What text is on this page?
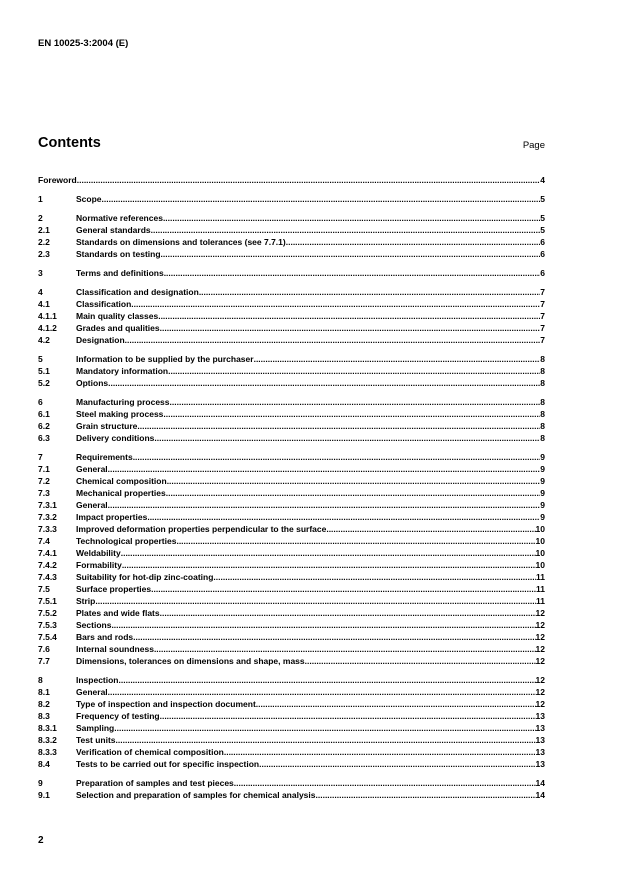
EN 10025-3:2004 (E)
Contents	Page
Foreword .....	4
1	Scope .....	5
2	Normative references .....	5
2.1	General standards .....	5
2.2	Standards on dimensions and tolerances (see 7.7.1) .....	6
2.3	Standards on testing .....	6
3	Terms and definitions .....	6
4	Classification and designation .....	7
4.1	Classification .....	7
4.1.1	Main quality classes .....	7
4.1.2	Grades and qualities .....	7
4.2	Designation .....	7
5	Information to be supplied by the purchaser .....	8
5.1	Mandatory information .....	8
5.2	Options .....	8
6	Manufacturing process .....	8
6.1	Steel making process .....	8
6.2	Grain structure .....	8
6.3	Delivery conditions .....	8
7	Requirements .....	9
7.1	General .....	9
7.2	Chemical composition .....	9
7.3	Mechanical properties .....	9
7.3.1	General .....	9
7.3.2	Impact properties .....	9
7.3.3	Improved deformation properties perpendicular to the surface .....	10
7.4	Technological properties .....	10
7.4.1	Weldability .....	10
7.4.2	Formability .....	10
7.4.3	Suitability for hot-dip zinc-coating .....	11
7.5	Surface properties .....	11
7.5.1	Strip .....	11
7.5.2	Plates and wide flats .....	12
7.5.3	Sections .....	12
7.5.4	Bars and rods .....	12
7.6	Internal soundness .....	12
7.7	Dimensions, tolerances on dimensions and shape, mass .....	12
8	Inspection .....	12
8.1	General .....	12
8.2	Type of inspection and inspection document .....	12
8.3	Frequency of testing .....	13
8.3.1	Sampling .....	13
8.3.2	Test units .....	13
8.3.3	Verification of chemical composition .....	13
8.4	Tests to be carried out for specific inspection .....	13
9	Preparation of samples and test pieces .....	14
9.1	Selection and preparation of samples for chemical analysis .....	14
2
